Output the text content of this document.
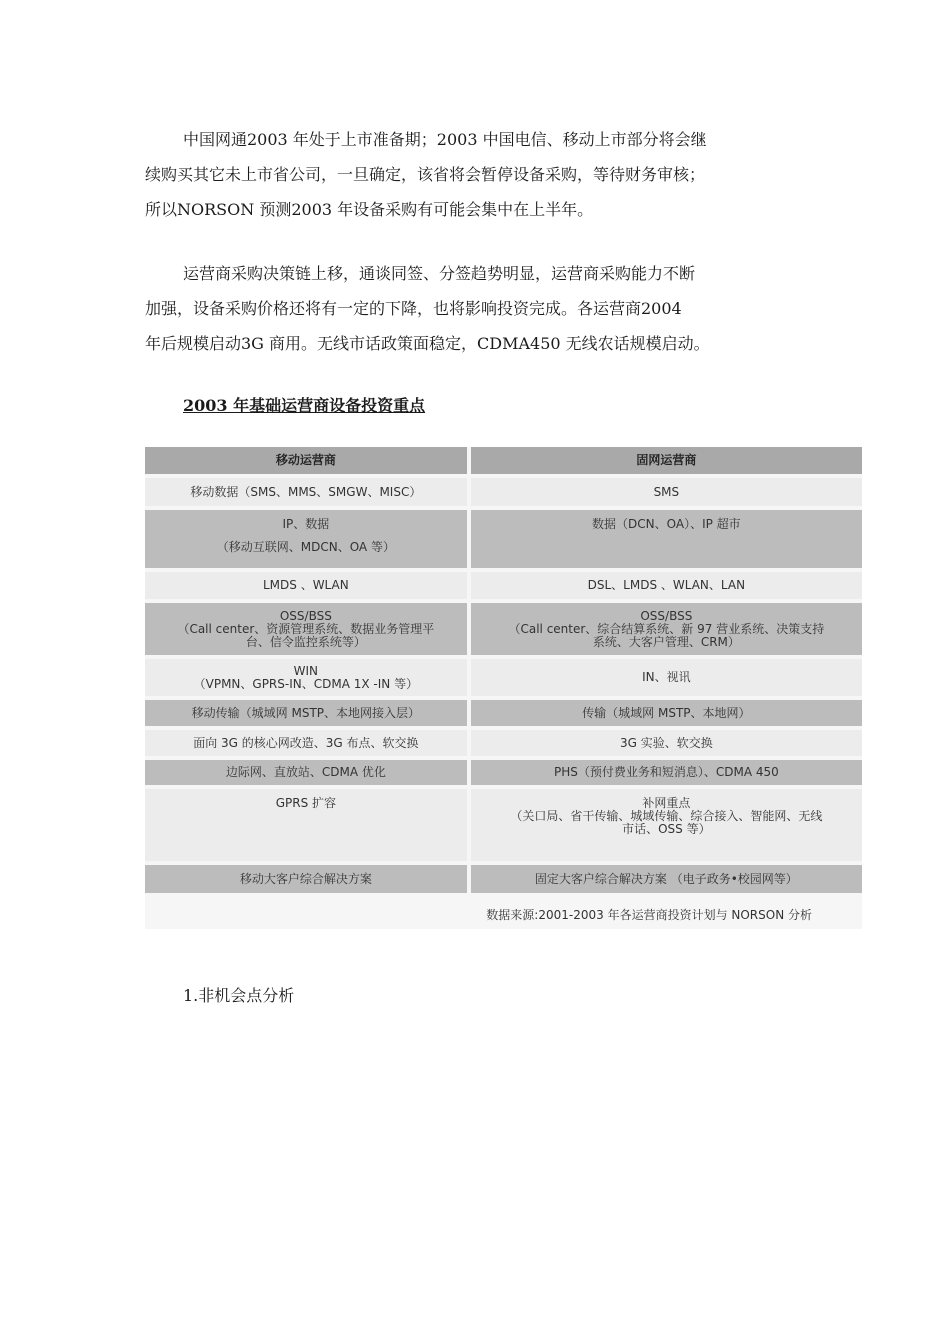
中国网通2003 年处于上市准备期；2003 中国电信、移动上市部分将会继
续购买其它未上市省公司，一旦确定，该省将会暂停设备采购，等待财务审核；
所以NORSON 预测2003 年设备采购有可能会集中在上半年。
运营商采购决策链上移，通谈同签、分签趋势明显，运营商采购能力不断
加强，设备采购价格还将有一定的下降，也将影响投资完成。各运营商2004
年后规模启动3G 商用。无线市话政策面稳定，CDMA450 无线农话规模启动。

2003 年基础运营商设备投资重点

移动运营商	固网运营商

移动数据（SMS、MMS、SMGW、MISC）	SMS

IP、数据
（移动互联网、MDCN、OA 等）	数据（DCN、OA）、IP 超市

LMDS 、WLAN	DSL、LMDS 、WLAN、LAN

OSS/BSS
（Call center、资源管理系统、数据业务管理平
台、信令监控系统等）	OSS/BSS
（Call center、综合结算系统、新 97 营业系统、决策支持
系统、大客户管理、CRM）

WIN
（VPMN、GPRS-IN、CDMA 1X -IN 等）	IN、视讯

移动传输（城域网 MSTP、本地网接入层）	传输（城域网 MSTP、本地网）

面向 3G 的核心网改造、3G 布点、软交换	3G 实验、软交换

边际网、直放站、CDMA 优化	PHS（预付费业务和短消息）、CDMA 450

GPRS 扩容	补网重点
（关口局、省干传输、城域传输、综合接入、智能网、无线
市话、OSS 等）

移动大客户综合解决方案	固定大客户综合解决方案 （电子政务•校园网等）
数据来源:2001-2003 年各运营商投资计划与 NORSON 分析

1.非机会点分析
